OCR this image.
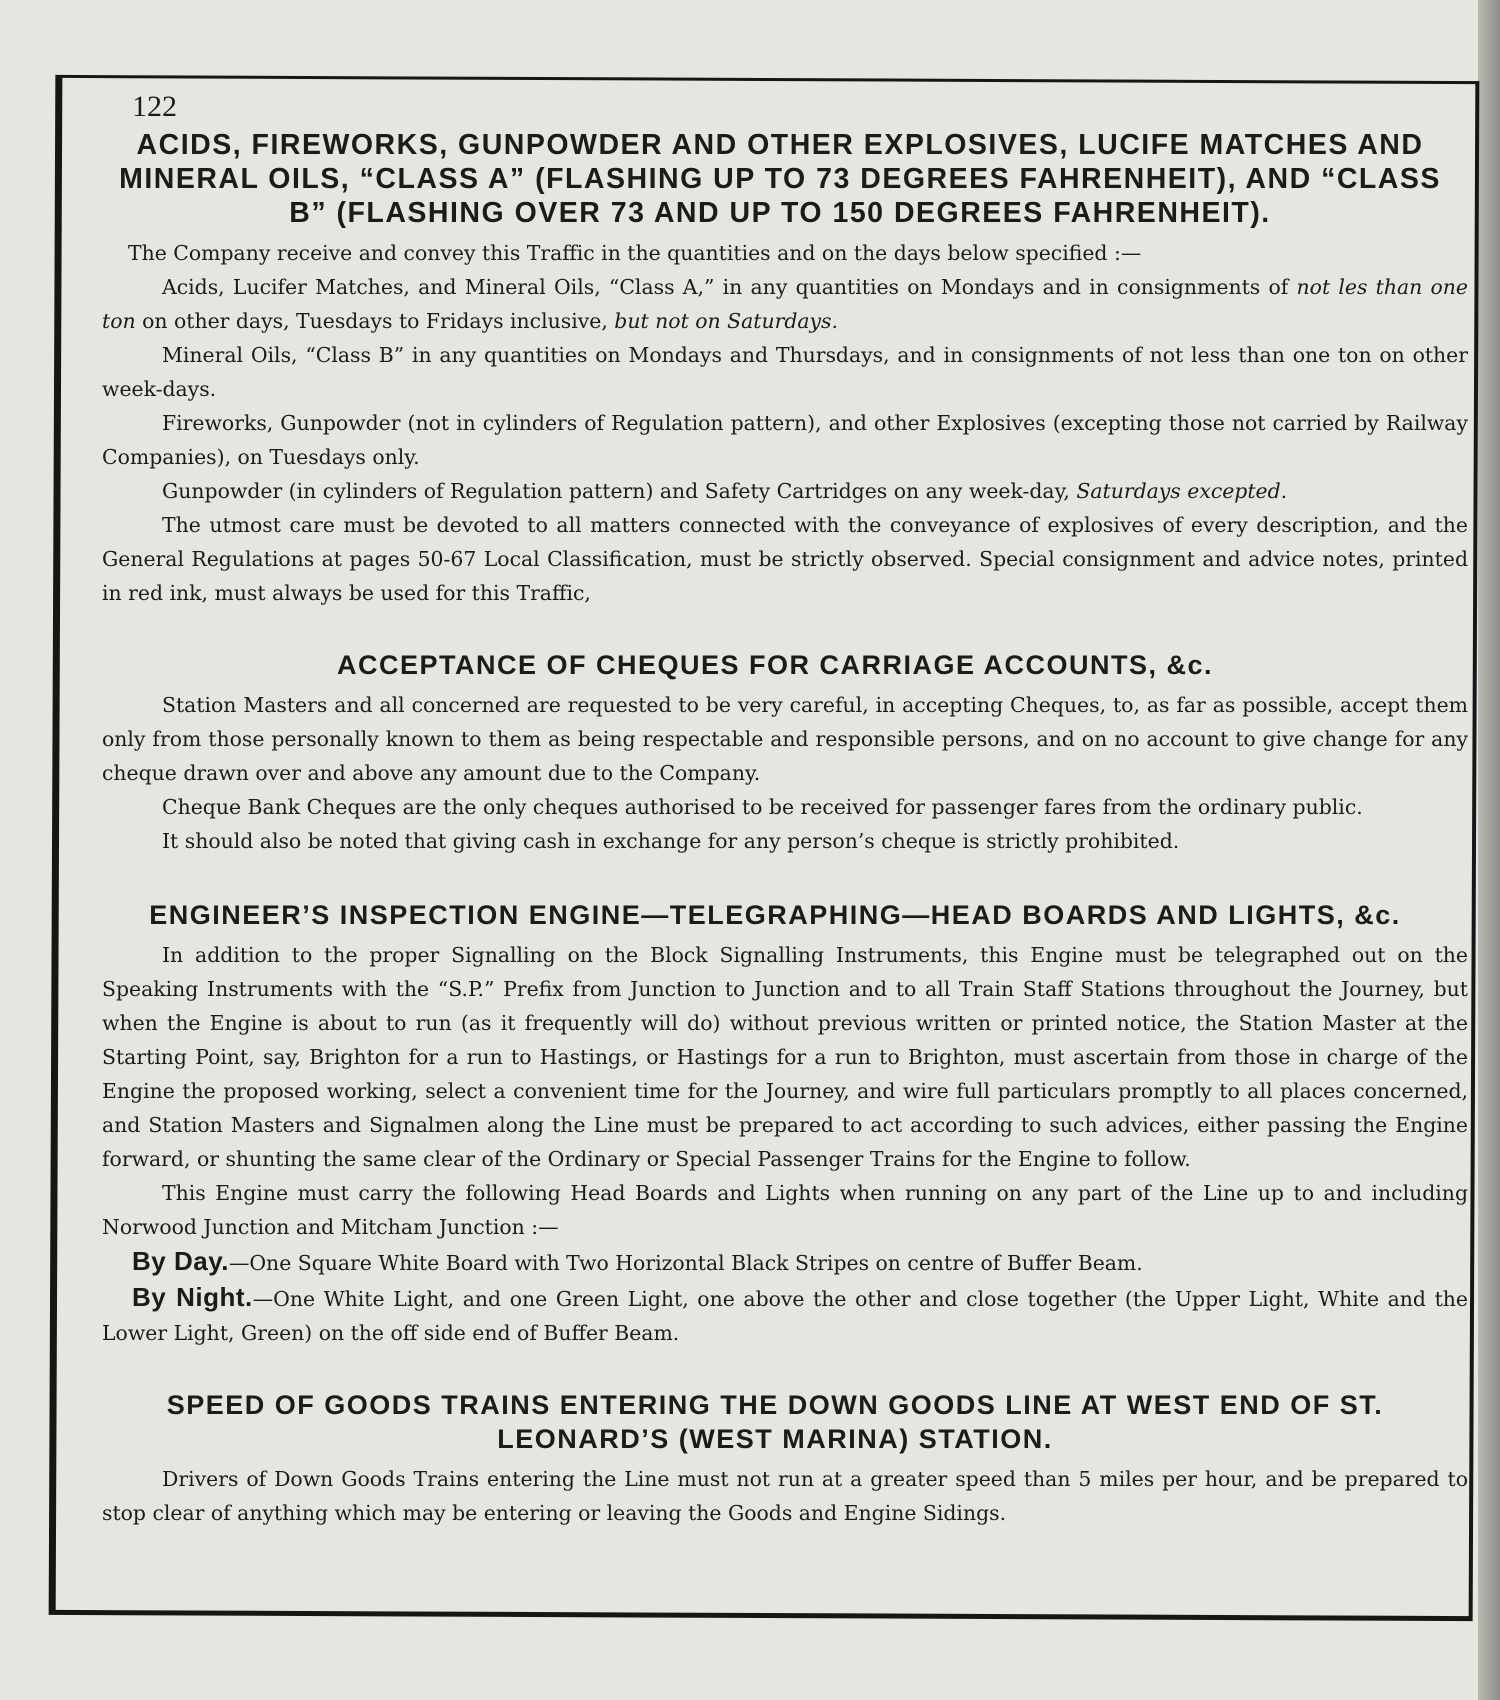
122
ACIDS, FIREWORKS, GUNPOWDER AND OTHER EXPLOSIVES, LUCIFE MATCHES AND MINERAL OILS, “CLASS A” (FLASHING UP TO 73 DEGREES FAHRENHEIT), AND “CLASS B” (FLASHING OVER 73 AND UP TO 150 DEGREES FAHRENHEIT).

The Company receive and convey this Traffic in the quantities and on the days below specified :—

Acids, Lucifer Matches, and Mineral Oils, “Class A,” in any quantities on Mondays and in consignments of not les than one ton on other days, Tuesdays to Fridays inclusive, but not on Saturdays.

Mineral Oils, “Class B” in any quantities on Mondays and Thursdays, and in consignments of not less than one ton on other week-days.

Fireworks, Gunpowder (not in cylinders of Regulation pattern), and other Explosives (excepting those not carried by Railway Companies), on Tuesdays only.

Gunpowder (in cylinders of Regulation pattern) and Safety Cartridges on any week-day, Saturdays excepted.

The utmost care must be devoted to all matters connected with the conveyance of explosives of every description, and the General Regulations at pages 50-67 Local Classification, must be strictly observed. Special consignment and advice notes, printed in red ink, must always be used for this Traffic,

ACCEPTANCE OF CHEQUES FOR CARRIAGE ACCOUNTS, &c.

Station Masters and all concerned are requested to be very careful, in accepting Cheques, to, as far as possible, accept them only from those personally known to them as being respectable and responsible persons, and on no account to give change for any cheque drawn over and above any amount due to the Company.

Cheque Bank Cheques are the only cheques authorised to be received for passenger fares from the ordinary public.

It should also be noted that giving cash in exchange for any person’s cheque is strictly prohibited.

ENGINEER’S INSPECTION ENGINE—TELEGRAPHING—HEAD BOARDS AND LIGHTS, &c.

In addition to the proper Signalling on the Block Signalling Instruments, this Engine must be telegraphed out on the Speaking Instruments with the “S.P.” Prefix from Junction to Junction and to all Train Staff Stations throughout the Journey, but when the Engine is about to run (as it frequently will do) without previous written or printed notice, the Station Master at the Starting Point, say, Brighton for a run to Hastings, or Hastings for a run to Brighton, must ascertain from those in charge of the Engine the proposed working, select a convenient time for the Journey, and wire full particulars promptly to all places concerned, and Station Masters and Signalmen along the Line must be prepared to act according to such advices, either passing the Engine forward, or shunting the same clear of the Ordinary or Special Passenger Trains for the Engine to follow.

This Engine must carry the following Head Boards and Lights when running on any part of the Line up to and including Norwood Junction and Mitcham Junction :—

By Day.—One Square White Board with Two Horizontal Black Stripes on centre of Buffer Beam.

By Night.—One White Light, and one Green Light, one above the other and close together (the Upper Light, White and the Lower Light, Green) on the off side end of Buffer Beam.

SPEED OF GOODS TRAINS ENTERING THE DOWN GOODS LINE AT WEST END OF ST. LEONARD’S (WEST MARINA) STATION.

Drivers of Down Goods Trains entering the Line must not run at a greater speed than 5 miles per hour, and be prepared to stop clear of anything which may be entering or leaving the Goods and Engine Sidings.
